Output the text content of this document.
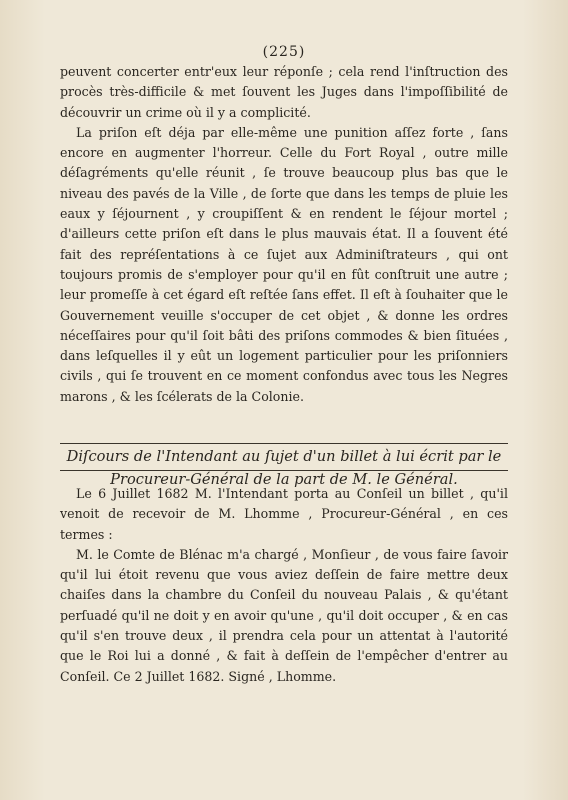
(225)

peuvent concerter entr'eux leur réponſe ; cela rend l'inſtruction des procès très-difficile & met ſouvent les Juges dans l'impoſſibilité de découvrir un crime où il y a complicité.

La priſon eſt déja par elle-même une punition aſſez forte , ſans encore en augmenter l'horreur. Celle du Fort Royal , outre mille déſagréments qu'elle réunit , ſe trouve beaucoup plus bas que le niveau des pavés de la Ville , de ſorte que dans les temps de pluie les eaux y ſéjournent , y croupiſſent & en rendent le ſéjour mortel ; d'ailleurs cette priſon eſt dans le plus mauvais état. Il a ſouvent été fait des repréſentations à ce ſujet aux Adminiſtrateurs , qui ont toujours promis de s'employer pour qu'il en fût conſtruit une autre ; leur promeſſe à cet égard eſt reſtée ſans effet. Il eſt à ſouhaiter que le Gouvernement veuille s'occuper de cet objet , & donne les ordres néceſſaires pour qu'il ſoit bâti des priſons commodes & bien ſituées , dans leſquelles il y eût un logement particulier pour les priſonniers civils , qui ſe trouvent en ce moment confondus avec tous les Negres marons , & les ſcélerats de la Colonie.

Diſcours de l'Intendant au ſujet d'un billet à lui écrit par le Procureur-Général de la part de M. le Général.

Le 6 Juillet 1682 M. l'Intendant porta au Conſeil un billet , qu'il venoit de recevoir de M. Lhomme , Procureur-Général , en ces termes :

M. le Comte de Blénac m'a chargé , Monſieur , de vous faire ſavoir qu'il lui étoit revenu que vous aviez deſſein de faire mettre deux chaiſes dans la chambre du Conſeil du nouveau Palais , & qu'étant perſuadé qu'il ne doit y en avoir qu'une , qu'il doit occuper , & en cas qu'il s'en trouve deux , il prendra cela pour un attentat à l'autorité que le Roi lui a donné , & fait à deſſein de l'empêcher d'entrer au Conſeil. Ce 2 Juillet 1682. Signé , Lhomme.
